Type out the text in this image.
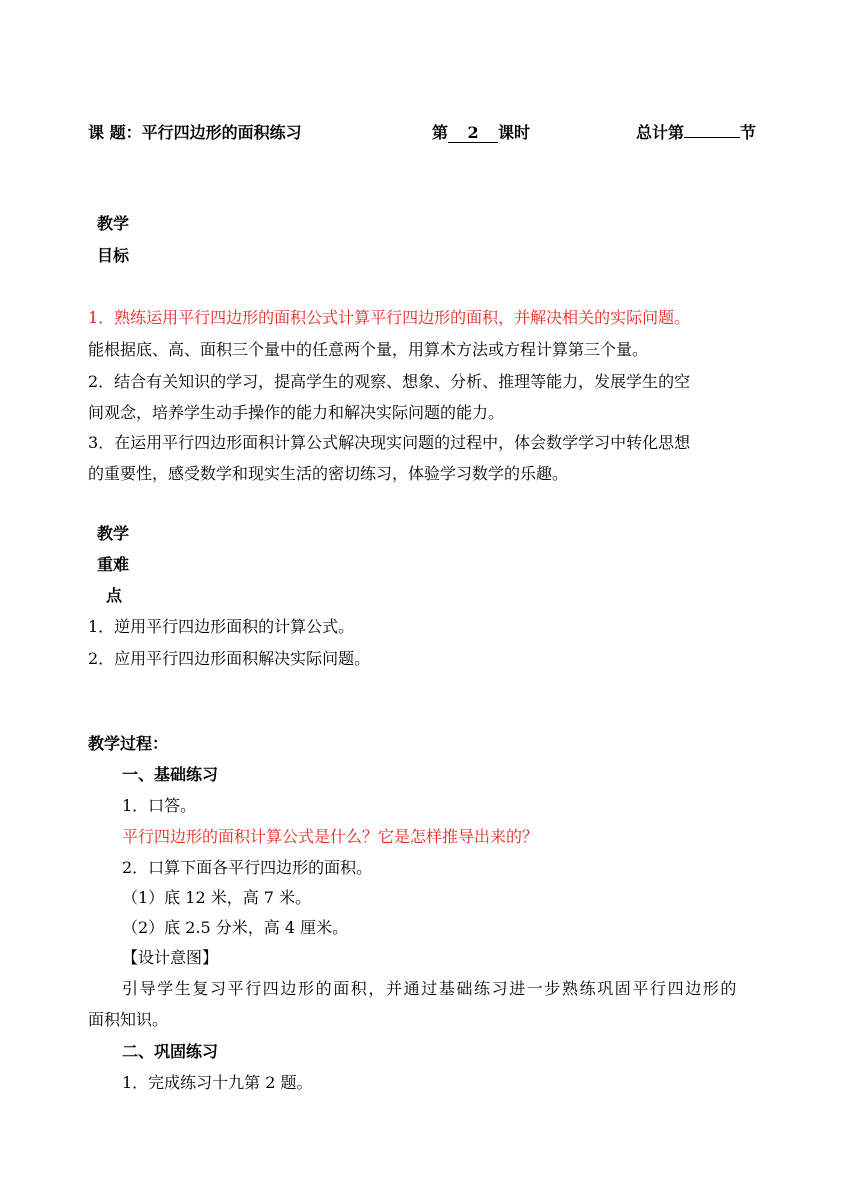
课 题：平行四边形的面积练习	第 2 课时	总计第	节
教学
目标
1．熟练运用平行四边形的面积公式计算平行四边形的面积，并解决相关的实际问题。
能根据底、高、面积三个量中的任意两个量，用算术方法或方程计算第三个量。
2．结合有关知识的学习，提高学生的观察、想象、分析、推理等能力，发展学生的空
间观念，培养学生动手操作的能力和解决实际问题的能力。
3．在运用平行四边形面积计算公式解决现实问题的过程中，体会数学学习中转化思想
的重要性，感受数学和现实生活的密切练习，体验学习数学的乐趣。
教学
重难
点
1．逆用平行四边形面积的计算公式。
2．应用平行四边形面积解决实际问题。
教学过程：
一、基础练习
1．口答。
平行四边形的面积计算公式是什么？它是怎样推导出来的？
2．口算下面各平行四边形的面积。
（1）底 12 米，高 7 米。
（2）底 2.5 分米，高 4 厘米。
【设计意图】
引导学生复习平行四边形的面积，并通过基础练习进一步熟练巩固平行四边形的
面积知识。
二、巩固练习
1．完成练习十九第 2 题。
